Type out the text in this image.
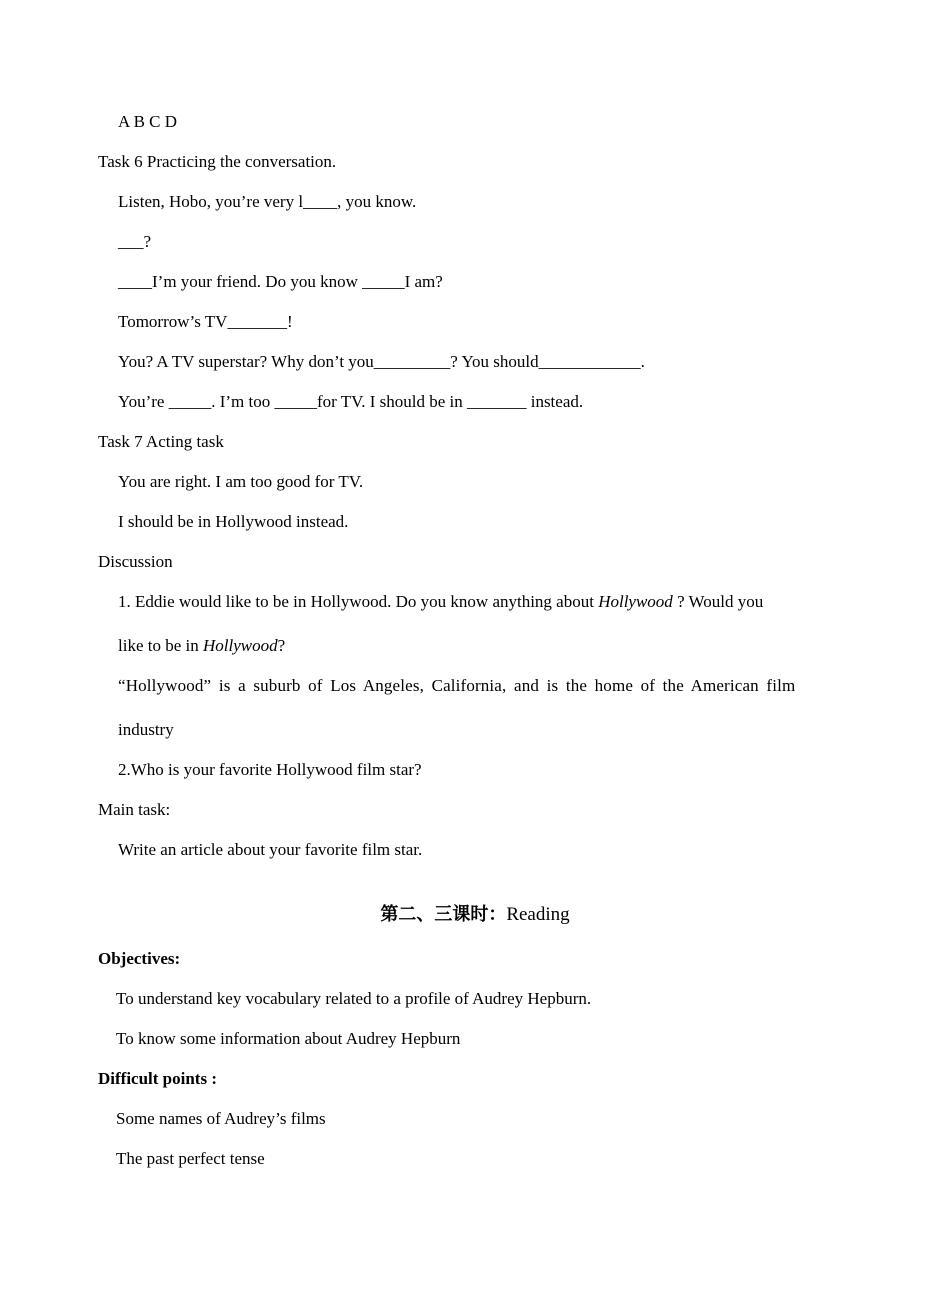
A B C D
Task 6 Practicing the conversation.
Listen, Hobo, you’re very l____, you know.
___?
____I’m your friend. Do you know _____I am?
Tomorrow’s TV_______!
You? A TV superstar? Why don’t you_________? You should____________.
You’re _____. I’m too _____for TV. I should be in _______ instead.
Task 7 Acting task
You are right. I am too good for TV.
I should be in Hollywood instead.
Discussion
1. Eddie would like to be in Hollywood. Do you know anything about Hollywood ? Would you
like to be in Hollywood?
“Hollywood” is a suburb of Los Angeles, California, and is the home of the American film
industry
2.Who is your favorite Hollywood film star?
Main task:
Write an article about your favorite film star.
第二、三课时：Reading
Objectives:
To understand key vocabulary related to a profile of Audrey Hepburn.
To know some information about Audrey Hepburn
Difficult points :
Some names of Audrey’s films
The past perfect tense
